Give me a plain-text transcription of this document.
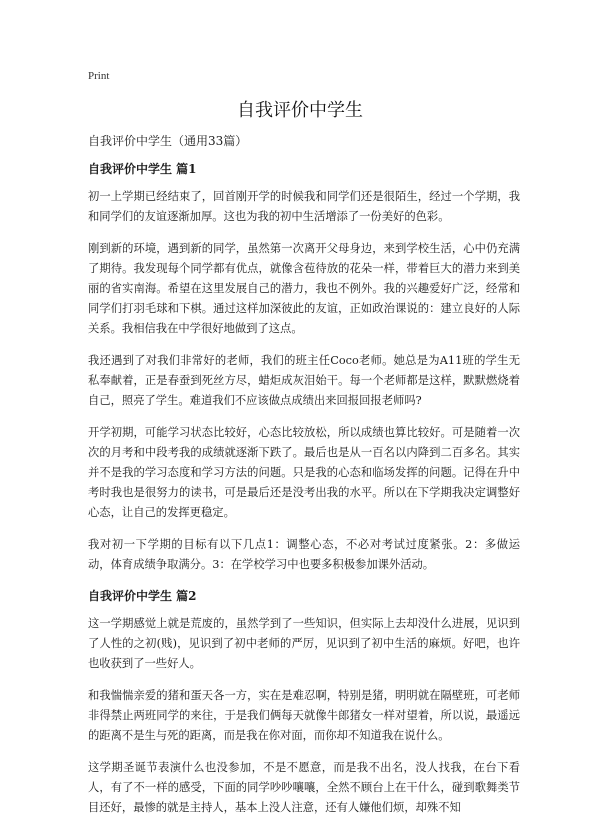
Print
自我评价中学生

自我评价中学生（通用33篇）

自我评价中学生 篇1

初一上学期已经结束了，回首刚开学的时候我和同学们还是很陌生，经过一个学期，我和同学们的友谊逐渐加厚。这也为我的初中生活增添了一份美好的色彩。

刚到新的环境，遇到新的同学，虽然第一次离开父母身边，来到学校生活，心中仍充满了期待。我发现每个同学都有优点，就像含苞待放的花朵一样，带着巨大的潜力来到美丽的省实南海。希望在这里发展自己的潜力，我也不例外。我的兴趣爱好广泛，经常和同学们打羽毛球和下棋。通过这样加深彼此的友谊，正如政治课说的：建立良好的人际关系。我相信我在中学很好地做到了这点。

我还遇到了对我们非常好的老师，我们的班主任Coco老师。她总是为A11班的学生无私奉献着，正是春蚕到死丝方尽，蜡炬成灰泪始干。每一个老师都是这样，默默燃烧着自己，照亮了学生。难道我们不应该做点成绩出来回报回报老师吗?

开学初期，可能学习状态比较好，心态比较放松，所以成绩也算比较好。可是随着一次次的月考和中段考我的成绩就逐渐下跌了。最后也是从一百名以内降到二百多名。其实并不是我的学习态度和学习方法的问题。只是我的心态和临场发挥的问题。记得在升中考时我也是很努力的读书，可是最后还是没考出我的水平。所以在下学期我决定调整好心态，让自己的发挥更稳定。

我对初一下学期的目标有以下几点1：调整心态，不必对考试过度紧张。2：多做运动，体育成绩争取满分。3：在学校学习中也要多积极参加课外活动。

自我评价中学生 篇2

这一学期感觉上就是荒废的，虽然学到了一些知识，但实际上去却没什么进展，见识到了人性的之初(贱)，见识到了初中老师的严厉，见识到了初中生活的麻烦。好吧，也许也收获到了一些好人。

和我惴惴亲爱的猪和蛋天各一方，实在是难忍啊，特别是猪，明明就在隔壁班，可老师非得禁止两班同学的来往，于是我们俩每天就像牛郎猪女一样对望着，所以说，最遥远的距离不是生与死的距离，而是我在你对面，而你却不知道我在说什么。

这学期圣诞节表演什么也没参加，不是不愿意，而是我不出名，没人找我，在台下看人，有了不一样的感受，下面的同学吵吵嚷嚷，全然不顾台上在干什么，碰到歌舞类节目还好，最惨的就是主持人，基本上没人注意，还有人嫌他们烦，却殊不知
